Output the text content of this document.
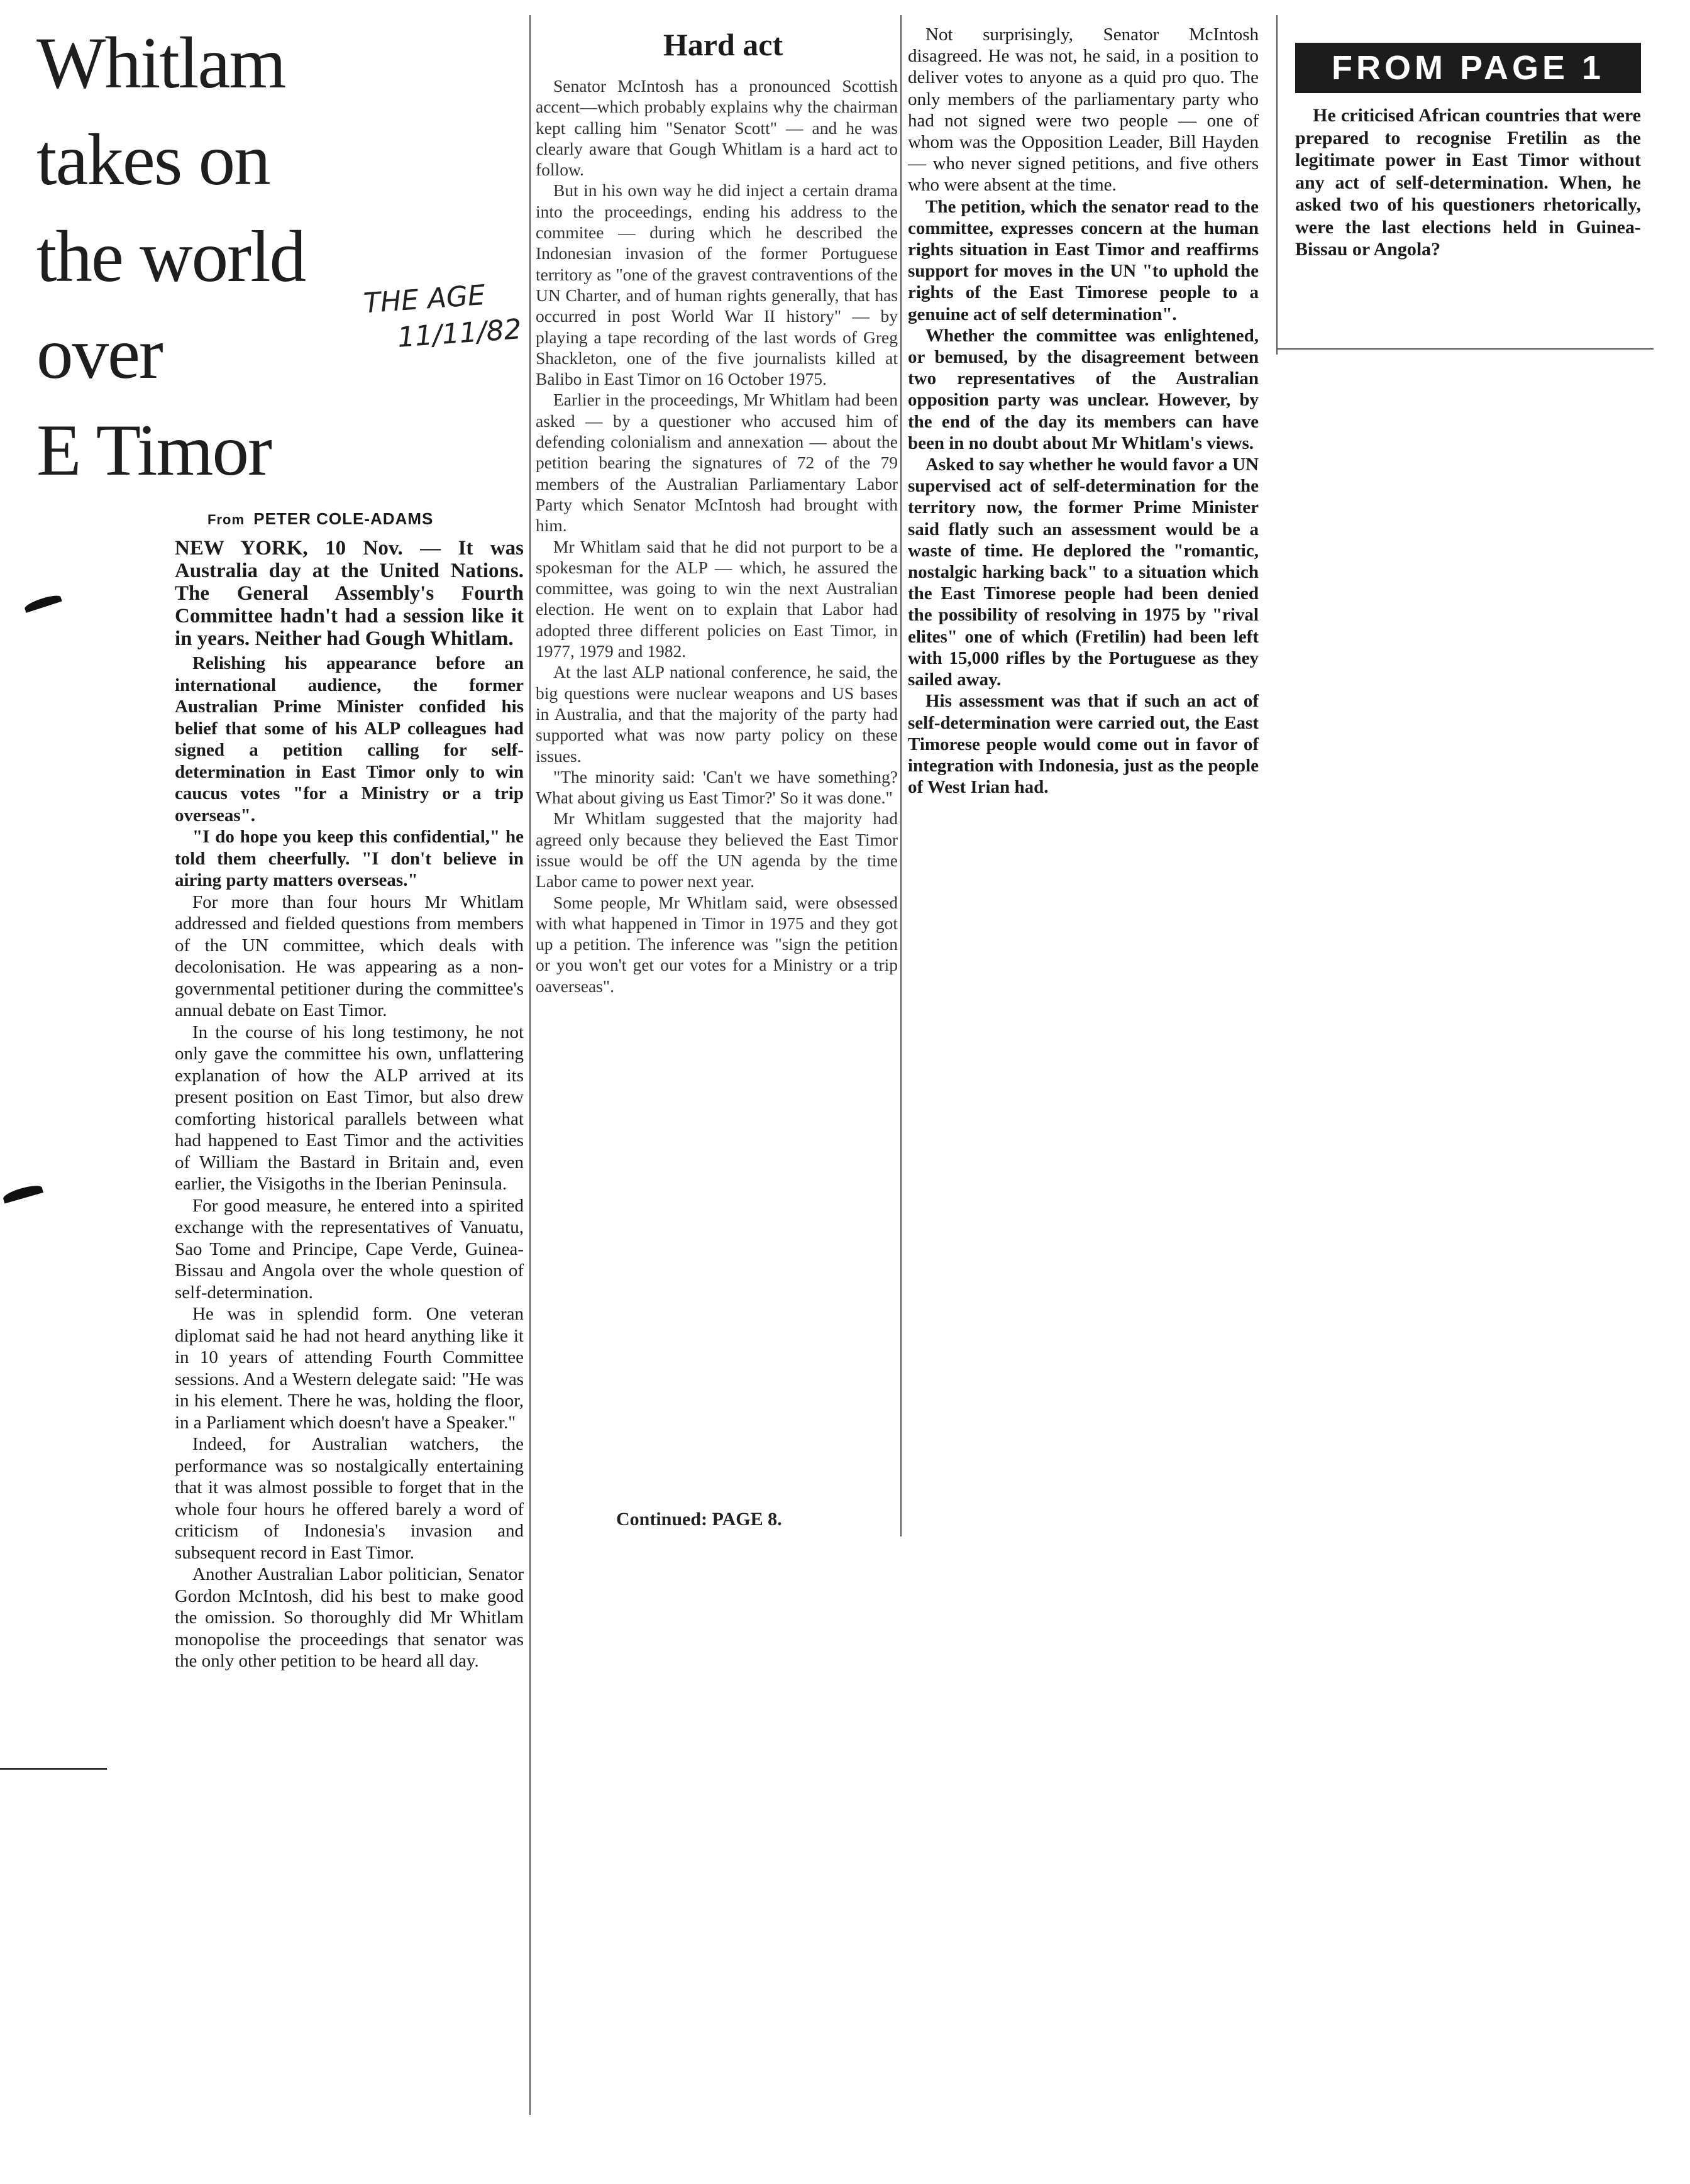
Whitlam
takes on
the world
over
E Timor
THE AGE
11/11/82
From PETER COLE-ADAMS

NEW YORK, 10 Nov. — It was Australia day at the United Nations. The General Assembly's Fourth Committee hadn't had a session like it in years. Neither had Gough Whitlam.

Relishing his appearance before an international audience, the former Australian Prime Minister confided his belief that some of his ALP colleagues had signed a petition calling for self-determination in East Timor only to win caucus votes "for a Ministry or a trip overseas".

"I do hope you keep this confidential," he told them cheerfully. "I don't believe in airing party matters overseas."

For more than four hours Mr Whitlam addressed and fielded questions from members of the UN committee, which deals with decolonisation. He was appearing as a non-governmental petitioner during the committee's annual debate on East Timor.

In the course of his long testimony, he not only gave the committee his own, unflattering explanation of how the ALP arrived at its present position on East Timor, but also drew comforting historical parallels between what had happened to East Timor and the activities of William the Bastard in Britain and, even earlier, the Visigoths in the Iberian Peninsula.

For good measure, he entered into a spirited exchange with the representatives of Vanuatu, Sao Tome and Principe, Cape Verde, Guinea-Bissau and Angola over the whole question of self-determination.

He was in splendid form. One veteran diplomat said he had not heard anything like it in 10 years of attending Fourth Committee sessions. And a Western delegate said: "He was in his element. There he was, holding the floor, in a Parliament which doesn't have a Speaker."

Indeed, for Australian watchers, the performance was so nostalgically entertaining that it was almost possible to forget that in the whole four hours he offered barely a word of criticism of Indonesia's invasion and subsequent record in East Timor.

Another Australian Labor politician, Senator Gordon McIntosh, did his best to make good the omission. So thoroughly did Mr Whitlam monopolise the proceedings that senator was the only other petition to be heard all day.

Hard act

Senator McIntosh has a pronounced Scottish accent—which probably explains why the chairman kept calling him "Senator Scott" — and he was clearly aware that Gough Whitlam is a hard act to follow.

But in his own way he did inject a certain drama into the proceedings, ending his address to the commitee — during which he described the Indonesian invasion of the former Portuguese territory as "one of the gravest contraventions of the UN Charter, and of human rights generally, that has occurred in post World War II history" — by playing a tape recording of the last words of Greg Shackleton, one of the five journalists killed at Balibo in East Timor on 16 October 1975.

Earlier in the proceedings, Mr Whitlam had been asked — by a questioner who accused him of defending colonialism and annexation — about the petition bearing the signatures of 72 of the 79 members of the Australian Parliamentary Labor Party which Senator McIntosh had brought with him.

Mr Whitlam said that he did not purport to be a spokesman for the ALP — which, he assured the committee, was going to win the next Australian election. He went on to explain that Labor had adopted three different policies on East Timor, in 1977, 1979 and 1982.

At the last ALP national conference, he said, the big questions were nuclear weapons and US bases in Australia, and that the majority of the party had supported what was now party policy on these issues.

"The minority said: 'Can't we have something? What about giving us East Timor?' So it was done."

Mr Whitlam suggested that the majority had agreed only because they believed the East Timor issue would be off the UN agenda by the time Labor came to power next year.

Some people, Mr Whitlam said, were obsessed with what happened in Timor in 1975 and they got up a petition. The inference was "sign the petition or you won't get our votes for a Ministry or a trip oaverseas".

Continued: PAGE 8.

Not surprisingly, Senator McIntosh disagreed. He was not, he said, in a position to deliver votes to anyone as a quid pro quo. The only members of the parliamentary party who had not signed were two people — one of whom was the Opposition Leader, Bill Hayden — who never signed petitions, and five others who were absent at the time.

The petition, which the senator read to the committee, expresses concern at the human rights situation in East Timor and reaffirms support for moves in the UN "to uphold the rights of the East Timorese people to a genuine act of self determination".

Whether the committee was enlightened, or bemused, by the disagreement between two representatives of the Australian opposition party was unclear. However, by the end of the day its members can have been in no doubt about Mr Whitlam's views.

Asked to say whether he would favor a UN supervised act of self-determination for the territory now, the former Prime Minister said flatly such an assessment would be a waste of time. He deplored the "romantic, nostalgic harking back" to a situation which the East Timorese people had been denied the possibility of resolving in 1975 by "rival elites" one of which (Fretilin) had been left with 15,000 rifles by the Portuguese as they sailed away.

His assessment was that if such an act of self-determination were carried out, the East Timorese people would come out in favor of integration with Indonesia, just as the people of West Irian had.

FROM PAGE 1

He criticised African countries that were prepared to recognise Fretilin as the legitimate power in East Timor without any act of self-determination. When, he asked two of his questioners rhetorically, were the last elections held in Guinea-Bissau or Angola?
